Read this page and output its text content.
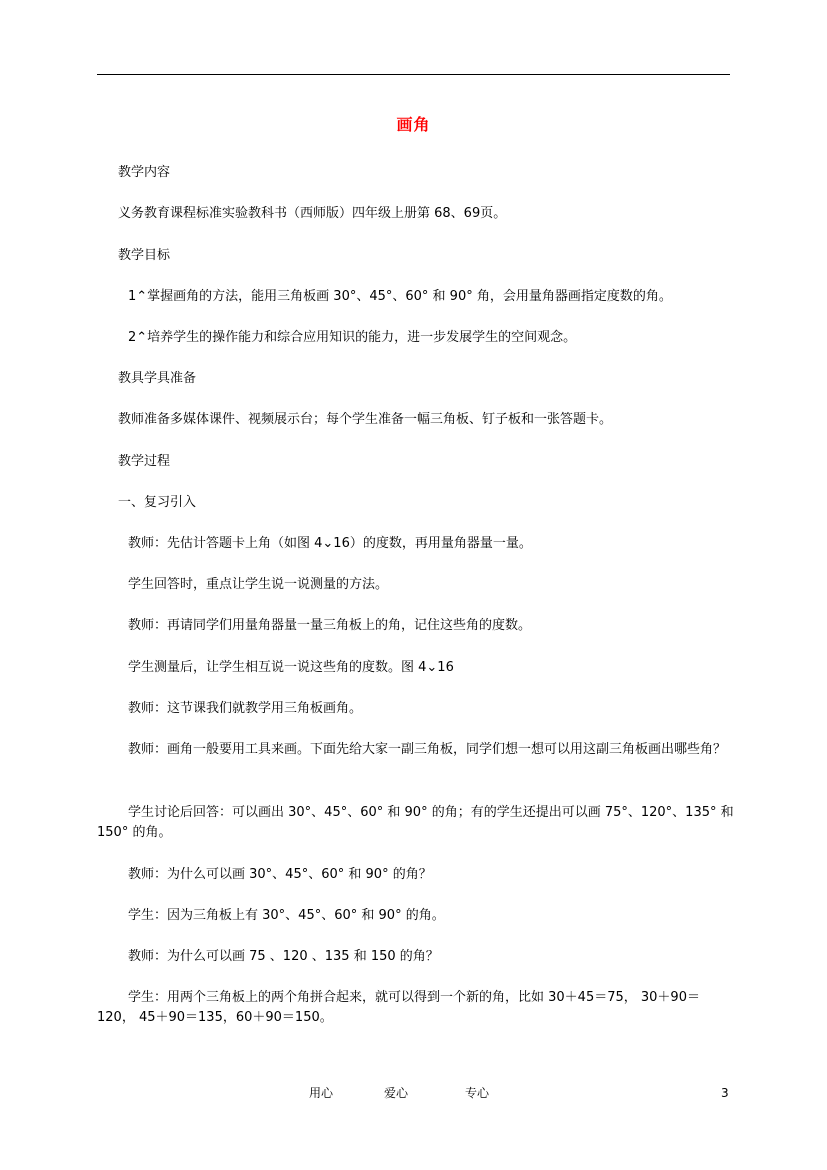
画角
教学内容
义务教育课程标准实验教科书（西师版）四年级上册第 68、69页。
教学目标
1⌃掌握画角的方法，能用三角板画 30°、45°、60° 和 90° 角，会用量角器画指定度数的角。
2⌃培养学生的操作能力和综合应用知识的能力，进一步发展学生的空间观念。
教具学具准备
教师准备多媒体课件、视频展示台；每个学生准备一幅三角板、钉子板和一张答题卡。
教学过程
一、复习引入
教师：先估计答题卡上角（如图 4⌄16）的度数，再用量角器量一量。
学生回答时，重点让学生说一说测量的方法。
教师：再请同学们用量角器量一量三角板上的角，记住这些角的度数。
学生测量后，让学生相互说一说这些角的度数。图 4⌄16
教师：这节课我们就教学用三角板画角。
教师：画角一般要用工具来画。下面先给大家一副三角板，同学们想一想可以用这副三角板画出哪些角？
学生讨论后回答：可以画出 30°、45°、60° 和 90° 的角；有的学生还提出可以画 75°、120°、135° 和 150° 的角。
教师：为什么可以画 30°、45°、60° 和 90° 的角？
学生：因为三角板上有 30°、45°、60° 和 90° 的角。
教师：为什么可以画 75 、120 、135 和 150 的角？
学生：用两个三角板上的两个角拼合起来，就可以得到一个新的角，比如 30＋45＝75， 30＋90＝120， 45＋90＝135，60＋90＝150。
用心	爱心	专心	3
